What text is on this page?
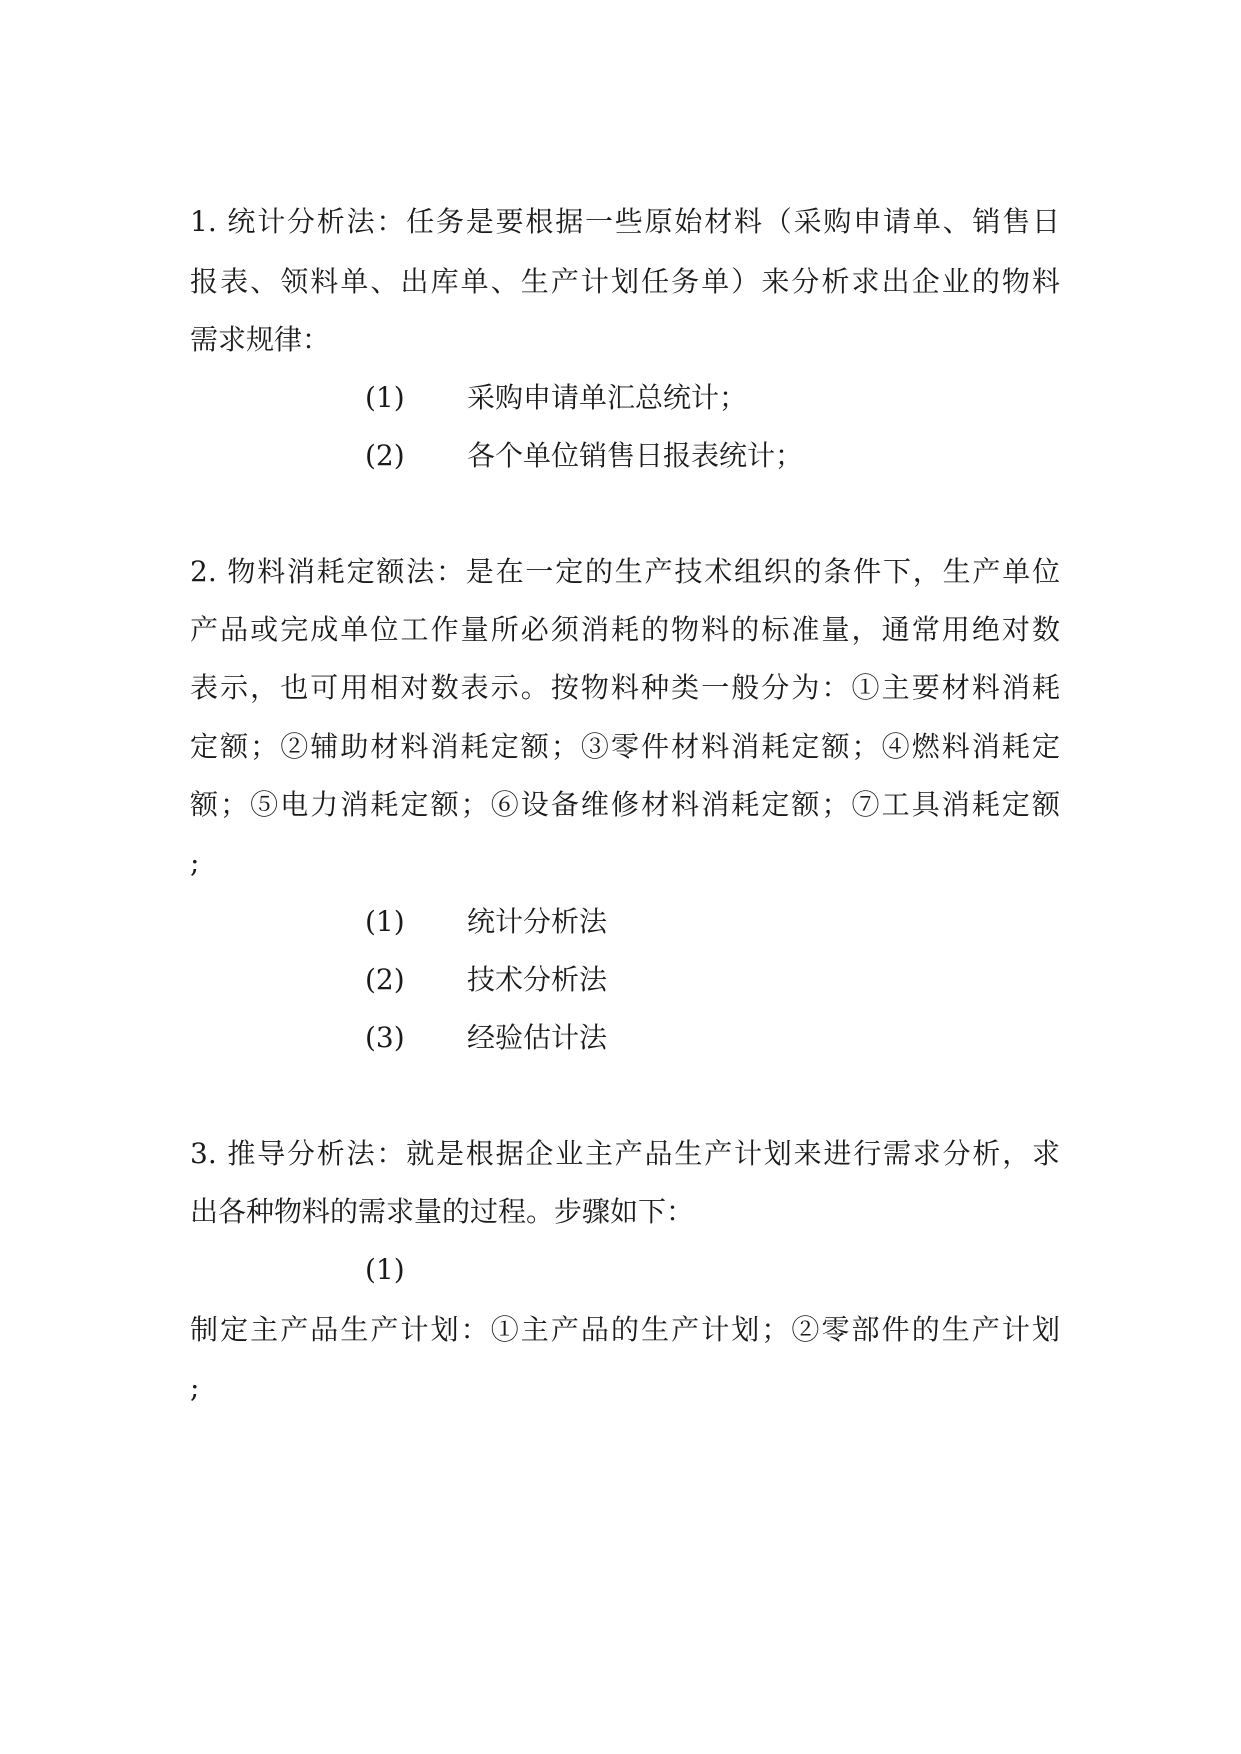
1. 统计分析法：任务是要根据一些原始材料（采购申请单、销售日
报表、领料单、出库单、生产计划任务单）来分析求出企业的物料
需求规律：
(1) 采购申请单汇总统计；
(2) 各个单位销售日报表统计；
2. 物料消耗定额法：是在一定的生产技术组织的条件下，生产单位
产品或完成单位工作量所必须消耗的物料的标准量，通常用绝对数
表示，也可用相对数表示。按物料种类一般分为：①主要材料消耗
定额；②辅助材料消耗定额；③零件材料消耗定额；④燃料消耗定
额；⑤电力消耗定额；⑥设备维修材料消耗定额；⑦工具消耗定额
;
(1) 统计分析法
(2) 技术分析法
(3) 经验估计法
3. 推导分析法：就是根据企业主产品生产计划来进行需求分析，求
出各种物料的需求量的过程。步骤如下：
(1)
制定主产品生产计划：①主产品的生产计划；②零部件的生产计划
;
